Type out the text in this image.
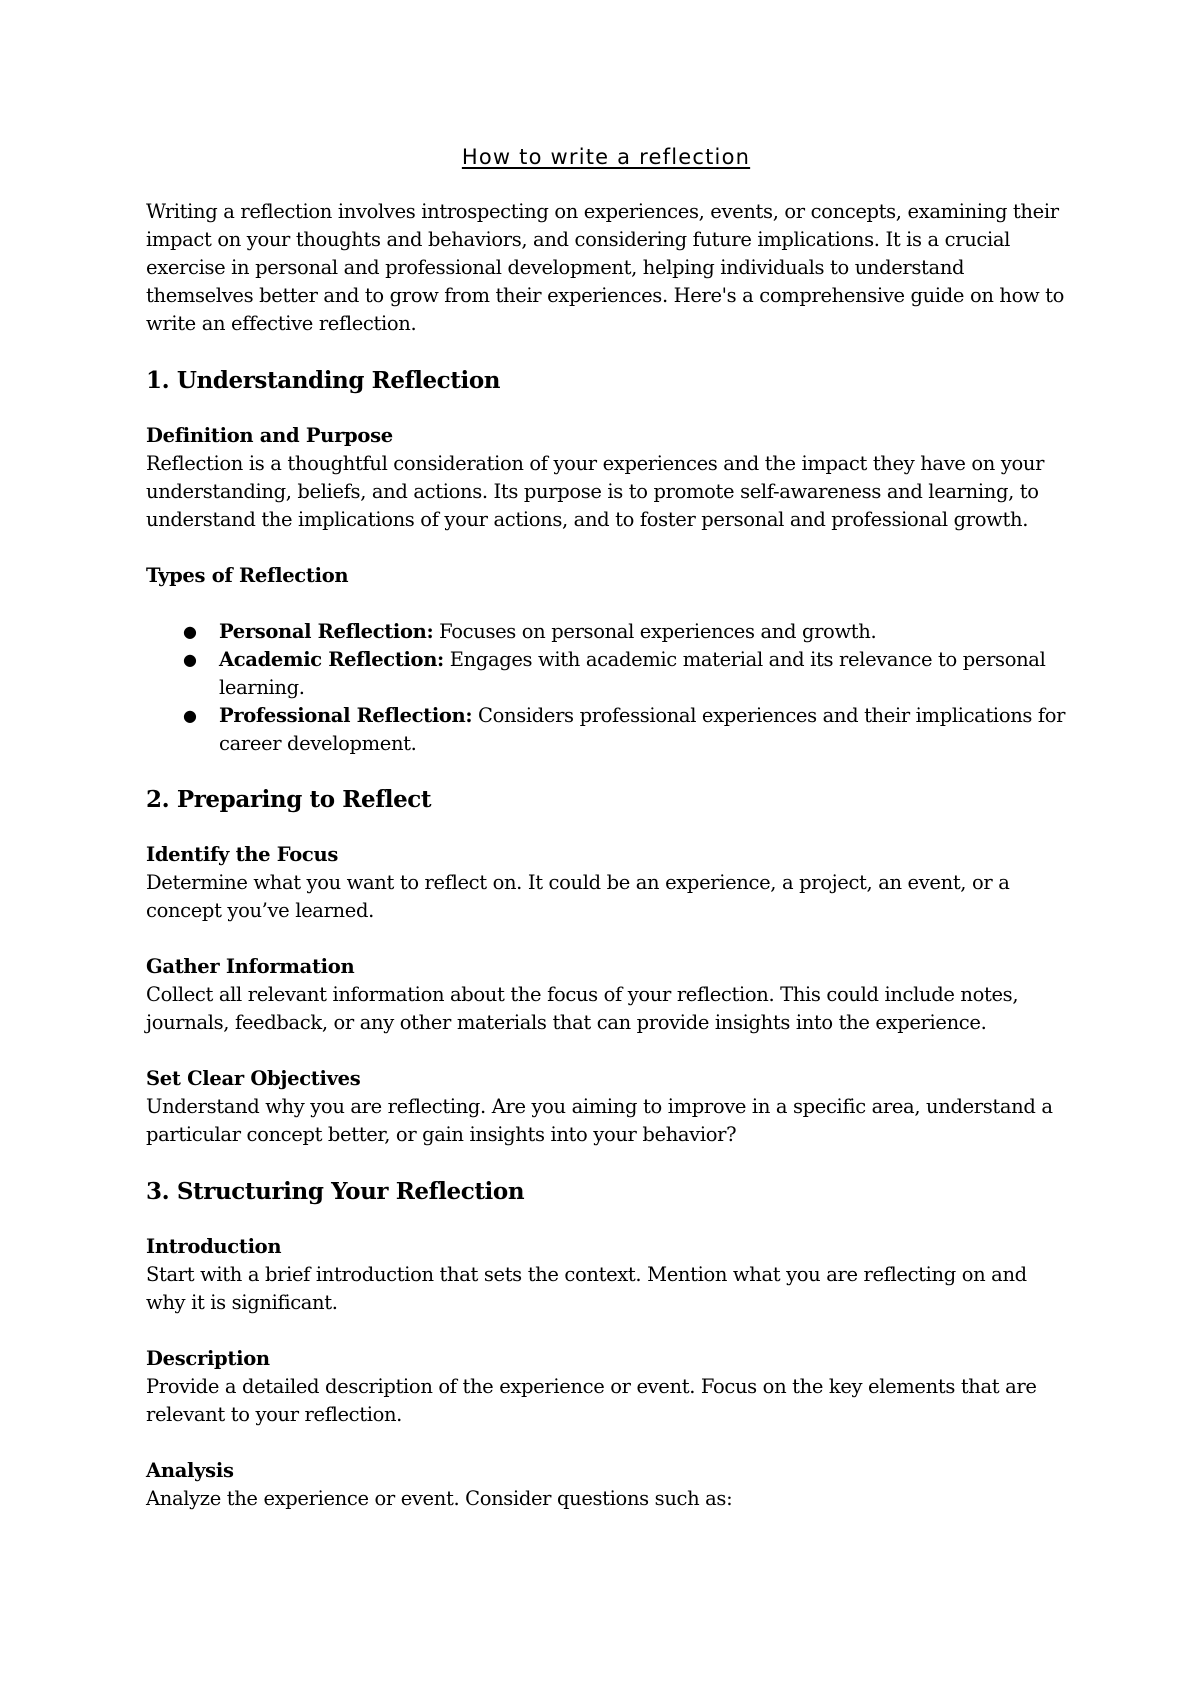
How to write a reflection

Writing a reflection involves introspecting on experiences, events, or concepts, examining their impact on your thoughts and behaviors, and considering future implications. It is a crucial exercise in personal and professional development, helping individuals to understand themselves better and to grow from their experiences. Here's a comprehensive guide on how to write an effective reflection.

1. Understanding Reflection
Definition and Purpose

Reflection is a thoughtful consideration of your experiences and the impact they have on your understanding, beliefs, and actions. Its purpose is to promote self-awareness and learning, to understand the implications of your actions, and to foster personal and professional growth.

Types of Reflection
● Personal Reflection: Focuses on personal experiences and growth.
● Academic Reflection: Engages with academic material and its relevance to personal learning.
● Professional Reflection: Considers professional experiences and their implications for career development.
2. Preparing to Reflect
Identify the Focus

Determine what you want to reflect on. It could be an experience, a project, an event, or a concept you’ve learned.

Gather Information

Collect all relevant information about the focus of your reflection. This could include notes, journals, feedback, or any other materials that can provide insights into the experience.

Set Clear Objectives

Understand why you are reflecting. Are you aiming to improve in a specific area, understand a particular concept better, or gain insights into your behavior?

3. Structuring Your Reflection
Introduction

Start with a brief introduction that sets the context. Mention what you are reflecting on and why it is significant.

Description

Provide a detailed description of the experience or event. Focus on the key elements that are relevant to your reflection.

Analysis

Analyze the experience or event. Consider questions such as:
